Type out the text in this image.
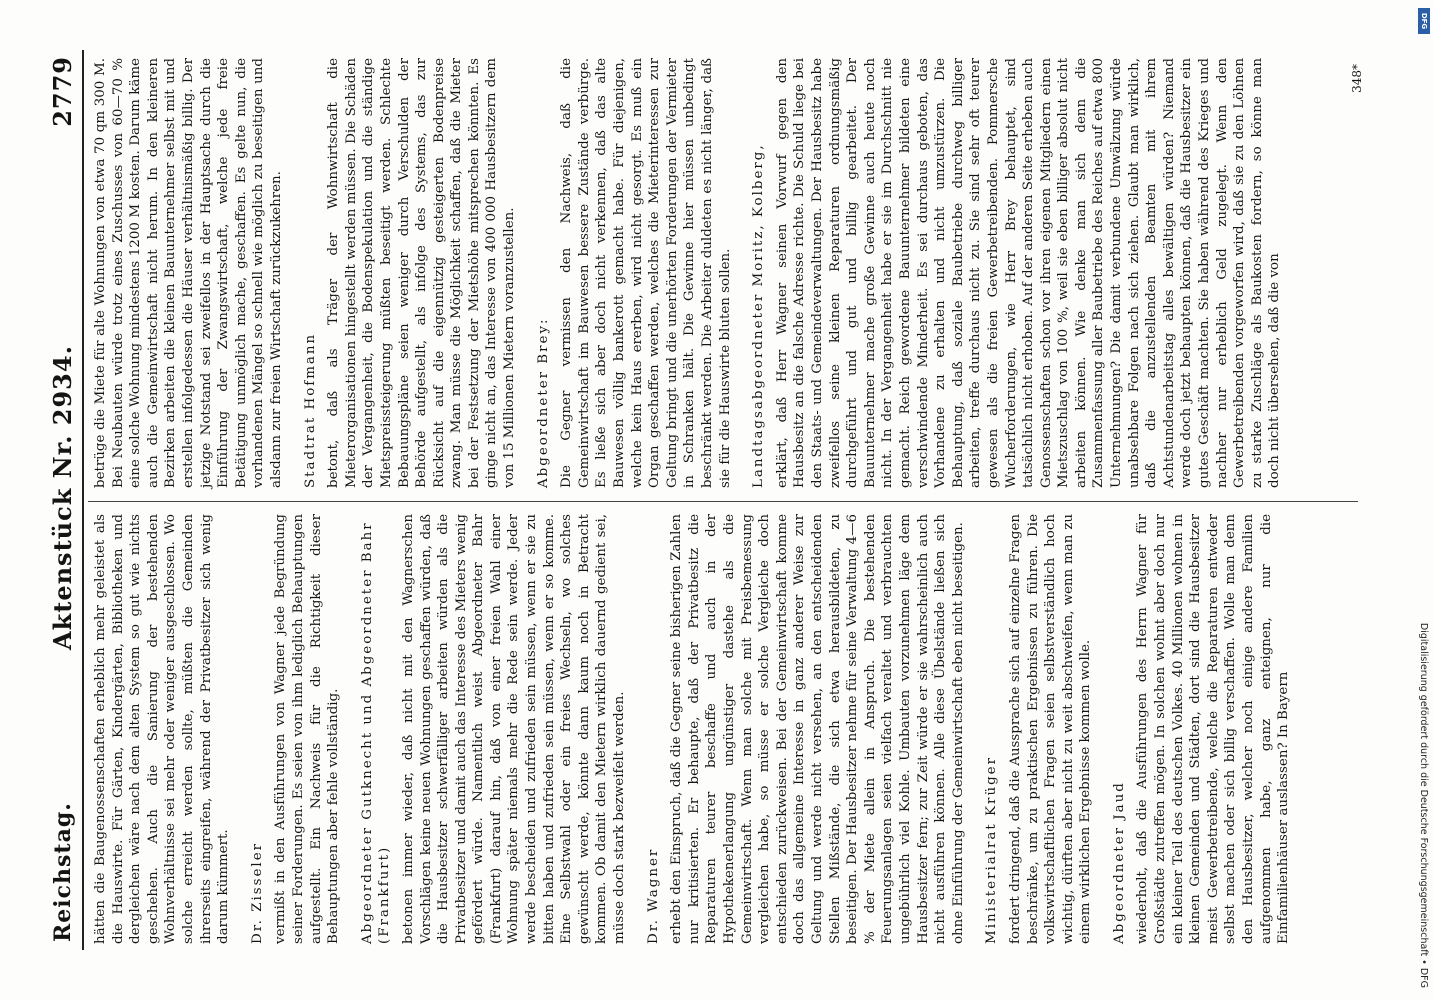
Reichstag.
Aktenstück Nr. 2934.
2779

hätten die Baugenossenschaften erheblich mehr geleistet als die Hauswirte. Für Gärten, Kindergärten, Bibliotheken und dergleichen wäre nach dem alten System so gut wie nichts geschehen. Auch die Sanierung der bestehenden Wohnverhältnisse sei mehr oder weniger ausgeschlossen. Wo solche erreicht werden sollte, müßten die Gemeinden ihrerseits eingreifen, während der Privatbesitzer sich wenig darum kümmert. Dr. Zisseler vermißt in den Ausführungen von Wagner jede Begründung seiner Forderungen. Es seien von ihm lediglich Behauptungen aufgestellt. Ein Nachweis für die Richtigkeit dieser Behauptungen aber fehle vollständig. Abgeordneter Gutknecht und Abgeordneter Bahr (Frankfurt) betonen immer wieder, daß nicht mit den Wagnerschen Vorschlägen keine neuen Wohnungen geschaffen würden, daß die Hausbesitzer schwerfälliger arbeiten würden als die Privatbesitzer und damit auch das Interesse des Mieters wenig gefördert würde. Namentlich weist Abgeordneter Bahr (Frankfurt) darauf hin, daß von einer freien Wahl einer Wohnung später niemals mehr die Rede sein werde. Jeder werde bescheiden und zufrieden sein müssen, wenn er sie zu bitten haben und zufrieden sein müssen, wenn er so komme. Eine Selbstwahl oder ein freies Wechseln, wo solches gewünscht werde, könnte dann kaum noch in Betracht kommen. Ob damit den Mietern wirklich dauernd gedient sei, müsse doch stark bezweifelt werden. Dr. Wagner erhebt den Einspruch, daß die Gegner seine bisherigen Zahlen nur kritisierten. Er behaupte, daß der Privatbesitz die Reparaturen teurer beschaffe und auch in der Hypothekenerlangung ungünstiger dastehe als die Gemeinwirtschaft. Wenn man solche mit Preisbemessung vergleichen habe, so müsse er solche Vergleiche doch entschieden zurückweisen. Bei der Gemeinwirtschaft komme doch das allgemeine Interesse in ganz anderer Weise zur Geltung und werde nicht versehen, an den entscheidenden Stellen Mißstände, die sich etwa herausbildeten, zu beseitigen. Der Hausbesitzer nehme für seine Verwaltung 4—6 % der Miete allein in Anspruch. Die bestehenden Feuerungsanlagen seien vielfach veraltet und verbrauchten ungebührlich viel Kohle. Umbauten vorzunehmen läge dem Hausbesitzer fern; zur Zeit würde er sie wahrscheinlich auch nicht ausführen können. Alle diese Übelstände ließen sich ohne Einführung der Gemeinwirtschaft eben nicht beseitigen. Ministerialrat Krüger fordert dringend, daß die Aussprache sich auf einzelne Fragen beschränke, um zu praktischen Ergebnissen zu führen. Die volkswirtschaftlichen Fragen seien selbstverständlich hoch wichtig, dürften aber nicht zu weit abschweifen, wenn man zu einem wirklichen Ergebnisse kommen wolle. Abgeordneter Jaud wiederholt, daß die Ausführungen des Herrn Wagner für Großstädte zutreffen mögen. In solchen wohnt aber doch nur ein kleiner Teil des deutschen Volkes. 40 Millionen wohnen in kleinen Gemeinden und Städten, dort sind die Hausbesitzer meist Gewerbetreibende, welche die Reparaturen entweder selbst machen oder sich billig verschaffen. Wolle man denn den Hausbesitzer, welcher noch einige andere Familien aufgenommen habe, ganz enteignen, nur die Einfamilienhäuser auslassen? In Bayern

betrüge die Miete für alte Wohnungen von etwa 70 qm 300 M. Bei Neubauten würde trotz eines Zuschusses von 60—70 % eine solche Wohnung mindestens 1200 M kosten. Darum käme auch die Gemeinwirtschaft nicht herum. In den kleineren Bezirken arbeiten die kleinen Bauunternehmer selbst mit und erstellen infolgedessen die Häuser verhältnismäßig billig. Der jetzige Notstand sei zweifellos in der Hauptsache durch die Einführung der Zwangswirtschaft, welche jede freie Betätigung unmöglich mache, geschaffen. Es gelte nun, die vorhandenen Mängel so schnell wie möglich zu beseitigen und alsdann zur freien Wirtschaft zurückzukehren. Stadtrat Hofmann betont, daß als Träger der Wohnwirtschaft die Mieterorganisationen hingestellt werden müssen. Die Schäden der Vergangenheit, die Bodenspekulation und die ständige Mietspreissteigerung müßten beseitigt werden. Schlechte Bebauungspläne seien weniger durch Verschulden der Behörde aufgestellt, als infolge des Systems, das zur Rücksicht auf die eigennützig gesteigerten Bodenpreise zwang. Man müsse die Möglichkeit schaffen, daß die Mieter bei der Festsetzung der Mietshöhe mitsprechen könnten. Es ginge nicht an, das Interesse von 400 000 Hausbesitzern dem von 15 Millionen Mietern voranzustellen. Abgeordneter Brey: Die Gegner vermissen den Nachweis, daß die Gemeinwirtschaft im Bauwesen bessere Zustände verbürge. Es ließe sich aber doch nicht verkennen, daß das alte Bauwesen völlig bankerott gemacht habe. Für diejenigen, welche kein Haus ererben, wird nicht gesorgt. Es muß ein Organ geschaffen werden, welches die Mieterinteressen zur Geltung bringt und die unerhörten Forderungen der Vermieter in Schranken hält. Die Gewinne hier müssen unbedingt beschränkt werden. Die Arbeiter duldeten es nicht länger, daß sie für die Hauswirte bluten sollen. Landtagsabgeordneter Moritz, Kolberg, erklärt, daß Herr Wagner seinen Vorwurf gegen den Hausbesitz an die falsche Adresse richte. Die Schuld liege bei den Staats- und Gemeindeverwaltungen. Der Hausbesitz habe zweifellos seine kleinen Reparaturen ordnungsmäßig durchgeführt und gut und billig gearbeitet. Der Bauunternehmer mache große Gewinne auch heute noch nicht. In der Vergangenheit habe er sie im Durchschnitt nie gemacht. Reich gewordene Bauunternehmer bildeten eine verschwindende Minderheit. Es sei durchaus geboten, das Vorhandene zu erhalten und nicht umzustürzen. Die Behauptung, daß soziale Baubetriebe durchweg billiger arbeiten, treffe durchaus nicht zu. Sie sind sehr oft teurer gewesen als die freien Gewerbetreibenden. Pommersche Wucherforderungen, wie Herr Brey behauptet, sind tatsächlich nicht erhoben. Auf der anderen Seite erheben auch Genossenschaften schon vor ihren eigenen Mitgliedern einen Mietszuschlag von 100 %, weil sie eben billiger absolut nicht arbeiten können. Wie denke man sich denn die Zusammenfassung aller Baubetriebe des Reiches auf etwa 800 Unternehmungen? Die damit verbundene Umwälzung würde unabsehbare Folgen nach sich ziehen. Glaubt man wirklich, daß die anzustellenden Beamten mit ihrem Achtstundenarbeitstag alles bewältigen würden? Niemand werde doch jetzt behaupten können, daß die Hausbesitzer ein gutes Geschäft machten. Sie haben während des Krieges und nachher nur erheblich Geld zugelegt. Wenn den Gewerbetreibenden vorgeworfen wird, daß sie zu den Löhnen zu starke Zuschläge als Baukosten fordern, so könne man doch nicht übersehen, daß die von

348*
DFG
Digitalisierung gefördert durch die Deutsche Forschungsgemeinschaft • DFG
